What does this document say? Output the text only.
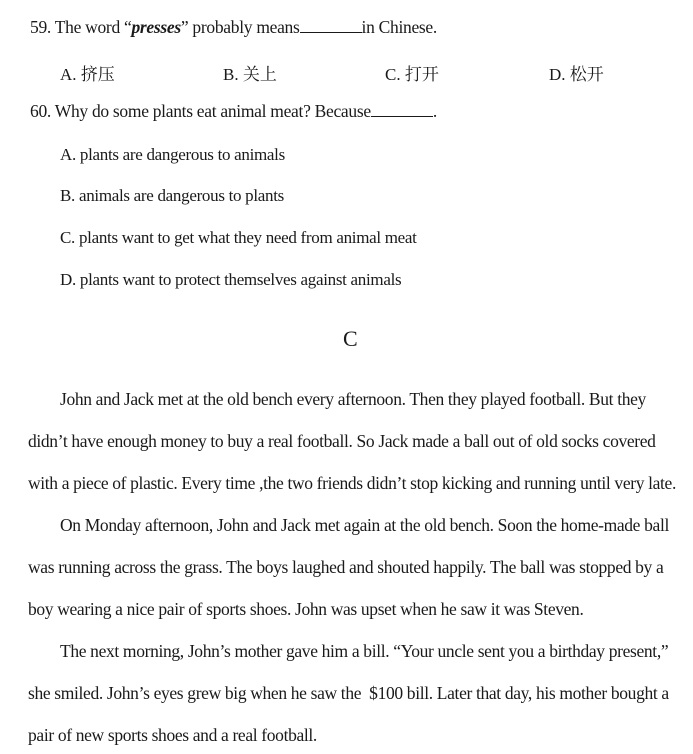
59. The word “presses” probably means	in Chinese.
A. 挤压	B. 关上	C. 打开	D. 松开
60. Why do some plants eat animal meat? Because	.
A. plants are dangerous to animals
B. animals are dangerous to plants
C. plants want to get what they need from animal meat
D. plants want to protect themselves against animals
C
John and Jack met at the old bench every afternoon. Then they played football. But they
didn’t have enough money to buy a real football. So Jack made a ball out of old socks covered
with a piece of plastic. Every time ,the two friends didn’t stop kicking and running until very late.
On Monday afternoon, John and Jack met again at the old bench. Soon the home-made ball
was running across the grass. The boys laughed and shouted happily. The ball was stopped by a
boy wearing a nice pair of sports shoes. John was upset when he saw it was Steven.
The next morning, John’s mother gave him a bill. “Your uncle sent you a birthday present,”
she smiled. John’s eyes grew big when he saw the  $100 bill. Later that day, his mother bought a
pair of new sports shoes and a real football.
